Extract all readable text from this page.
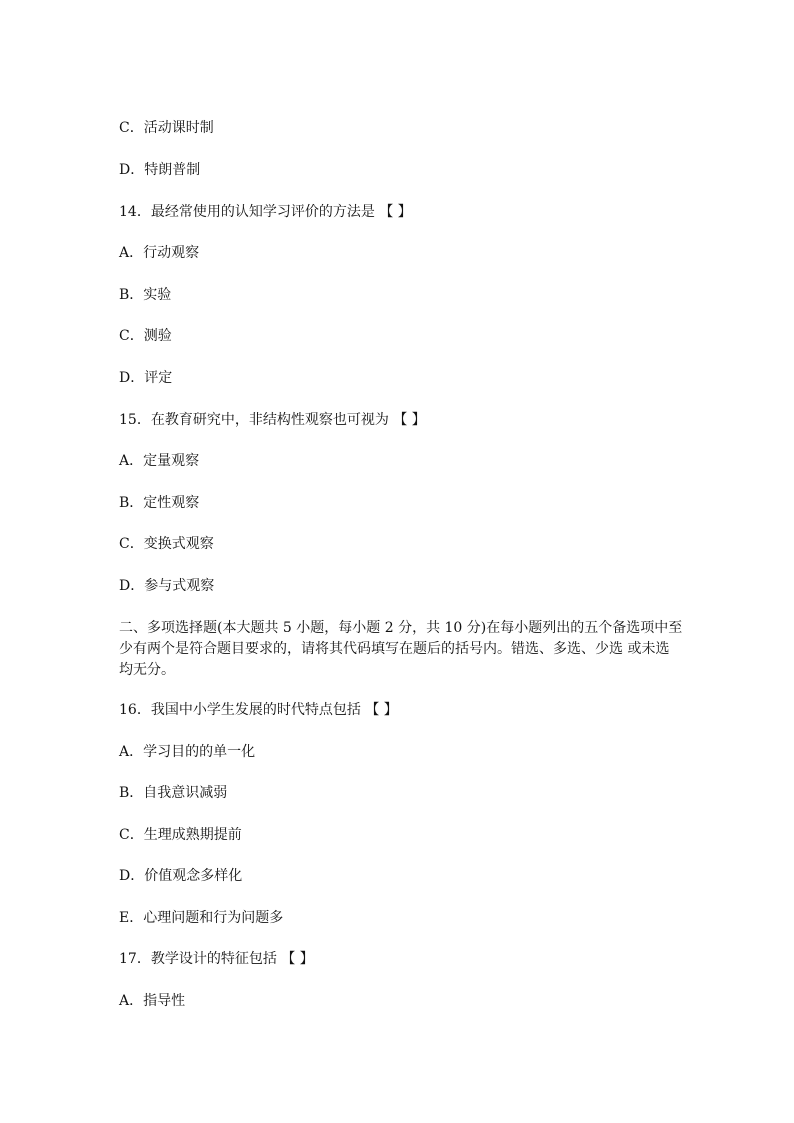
C．活动课时制
D．特朗普制
14．最经常使用的认知学习评价的方法是 【 】
A．行动观察
B．实验
C．测验
D．评定
15．在教育研究中，非结构性观察也可视为 【 】
A．定量观察
B．定性观察
C．变换式观察
D．参与式观察
二、多项选择题(本大题共 5 小题，每小题 2 分，共 10 分)在每小题列出的五个备选项中至
少有两个是符合题目要求的，请将其代码填写在题后的括号内。错选、多选、少选 或未选
均无分。
16．我国中小学生发展的时代特点包括 【 】
A．学习目的的单一化
B．自我意识减弱
C．生理成熟期提前
D．价值观念多样化
E．心理问题和行为问题多
17．教学设计的特征包括 【 】
A．指导性
